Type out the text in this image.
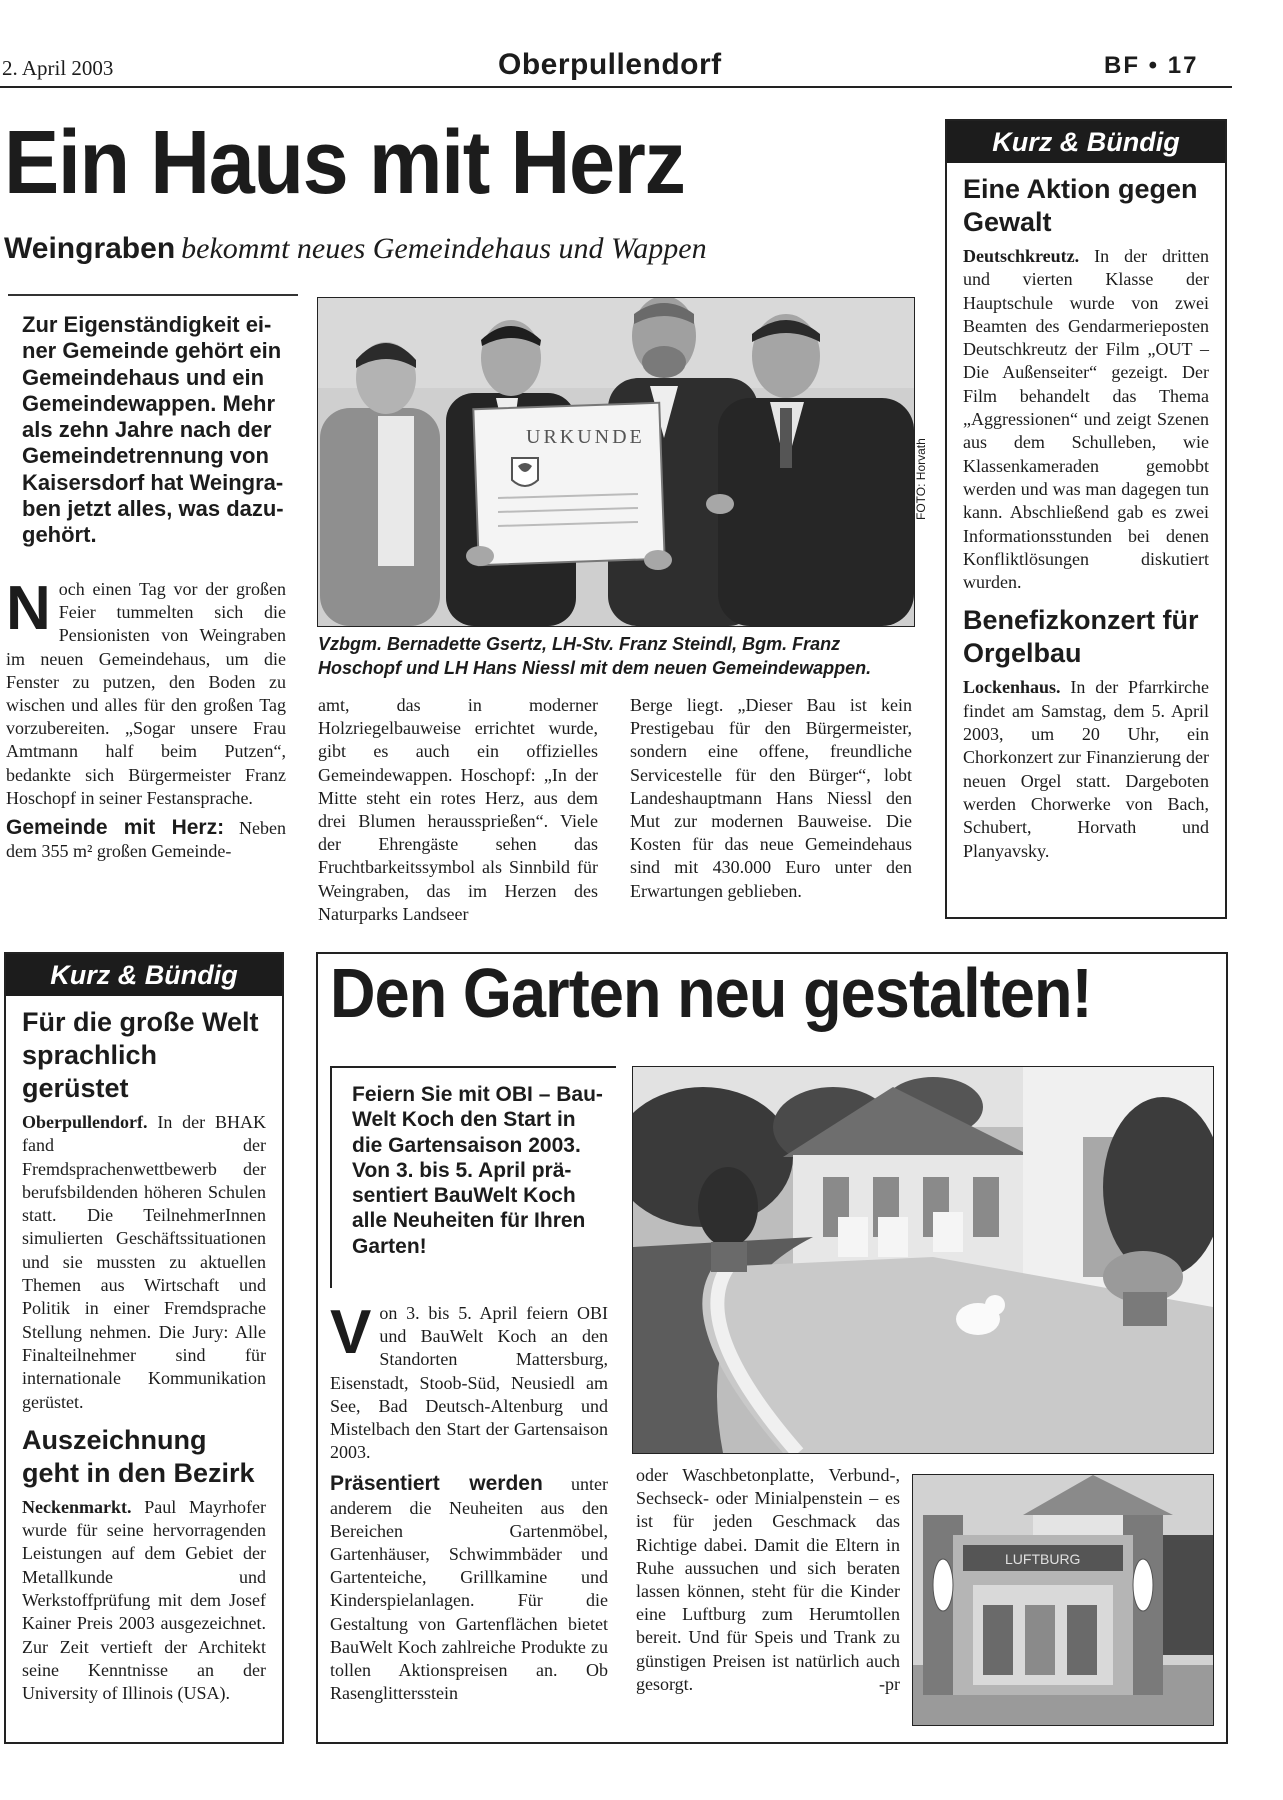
2. April 2003	Oberpullendorf	BF • 17
Ein Haus mit Herz
Weingraben bekommt neues Gemeindehaus und Wappen
Zur Eigenständigkeit ei-
ner Gemeinde gehört ein
Gemeindehaus und ein
Gemeindewappen. Mehr
als zehn Jahre nach der
Gemeindetrennung von
Kaisersdorf hat Weingra-
ben jetzt alles, was dazu-
gehört.
URKUNDE
FOTO: Horvath
Vzbgm. Bernadette Gsertz, LH-Stv. Franz Steindl, Bgm. Franz Hoschopf und LH Hans Niessl mit dem neuen Gemeindewappen.
N och einen Tag vor der großen Feier tummelten sich die Pensionisten von Weingraben im neuen Gemeindehaus, um die Fenster zu putzen, den Boden zu wischen und alles für den großen Tag vorzubereiten. „Sogar unsere Frau Amtmann half beim Putzen“, bedankte sich Bürgermeister Franz Hoschopf in seiner Festansprache.

Gemeinde mit Herz: Neben dem 355 m² großen Gemeinde-

amt, das in moderner Holzriegelbauweise errichtet wurde, gibt es auch ein offizielles Gemeindewappen. Hoschopf: „In der Mitte steht ein rotes Herz, aus dem drei Blumen heraussprießen“. Viele der Ehrengäste sehen das Fruchtbarkeitssymbol als Sinnbild für Weingraben, das im Herzen des Naturparks Landseer
Berge liegt. „Dieser Bau ist kein Prestigebau für den Bürgermeister, sondern eine offene, freundliche Servicestelle für den Bürger“, lobt Landeshauptmann Hans Niessl den Mut zur modernen Bauweise. Die Kosten für das neue Gemeindehaus sind mit 430.000 Euro unter den Erwartungen geblieben.
Kurz & Bündig
Eine Aktion gegen Gewalt
Deutschkreutz. In der dritten und vierten Klasse der Hauptschule wurde von zwei Beamten des Gendarmerieposten Deutschkreutz der Film „OUT – Die Außenseiter“ gezeigt. Der Film behandelt das Thema „Aggressionen“ und zeigt Szenen aus dem Schulleben, wie Klassenkameraden gemobbt werden und was man dagegen tun kann. Abschließend gab es zwei Informationsstunden bei denen Konfliktlösungen diskutiert wurden.
Benefizkonzert für Orgelbau
Lockenhaus. In der Pfarrkirche findet am Samstag, dem 5. April 2003, um 20 Uhr, ein Chorkonzert zur Finanzierung der neuen Orgel statt. Dargeboten werden Chorwerke von Bach, Schubert, Horvath und Planyavsky.
Kurz & Bündig
Für die große Welt sprachlich gerüstet
Oberpullendorf. In der BHAK fand der Fremdsprachenwettbewerb der berufsbildenden höheren Schulen statt. Die TeilnehmerInnen simulierten Geschäftssituationen und sie mussten zu aktuellen Themen aus Wirtschaft und Politik in einer Fremdsprache Stellung nehmen. Die Jury: Alle Finalteilnehmer sind für internationale Kommunikation gerüstet.
Auszeichnung geht in den Bezirk
Neckenmarkt. Paul Mayrhofer wurde für seine hervorragenden Leistungen auf dem Gebiet der Metallkunde und Werkstoffprüfung mit dem Josef Kainer Preis 2003 ausgezeichnet. Zur Zeit vertieft der Architekt seine Kenntnisse an der University of Illinois (USA).
Den Garten neu gestalten!
Feiern Sie mit OBI – Bau-
Welt Koch den Start in
die Gartensaison 2003.
Von 3. bis 5. April prä-
sentiert BauWelt Koch
alle Neuheiten für Ihren
Garten!
V on 3. bis 5. April feiern OBI und BauWelt Koch an den Standorten Mattersburg, Eisenstadt, Stoob-Süd, Neusiedl am See, Bad Deutsch-Altenburg und Mistelbach den Start der Gartensaison 2003.

Präsentiert werden unter anderem die Neuheiten aus den Bereichen Gartenmöbel, Gartenhäuser, Schwimmbäder und Gartenteiche, Grillkamine und Kinderspielanlagen. Für die Gestaltung von Gartenflächen bietet BauWelt Koch zahlreiche Produkte zu tollen Aktionspreisen an. Ob Rasenglittersstein

oder Waschbetonplatte, Verbund-, Sechseck- oder Minialpenstein – es ist für jeden Geschmack das Richtige dabei. Damit die Eltern in Ruhe aussuchen und sich beraten lassen können, steht für die Kinder eine Luftburg zum Herumtollen bereit. Und für Speis und Trank zu günstigen Preisen ist natürlich auch gesorgt.	-pr
LUFTBURG
